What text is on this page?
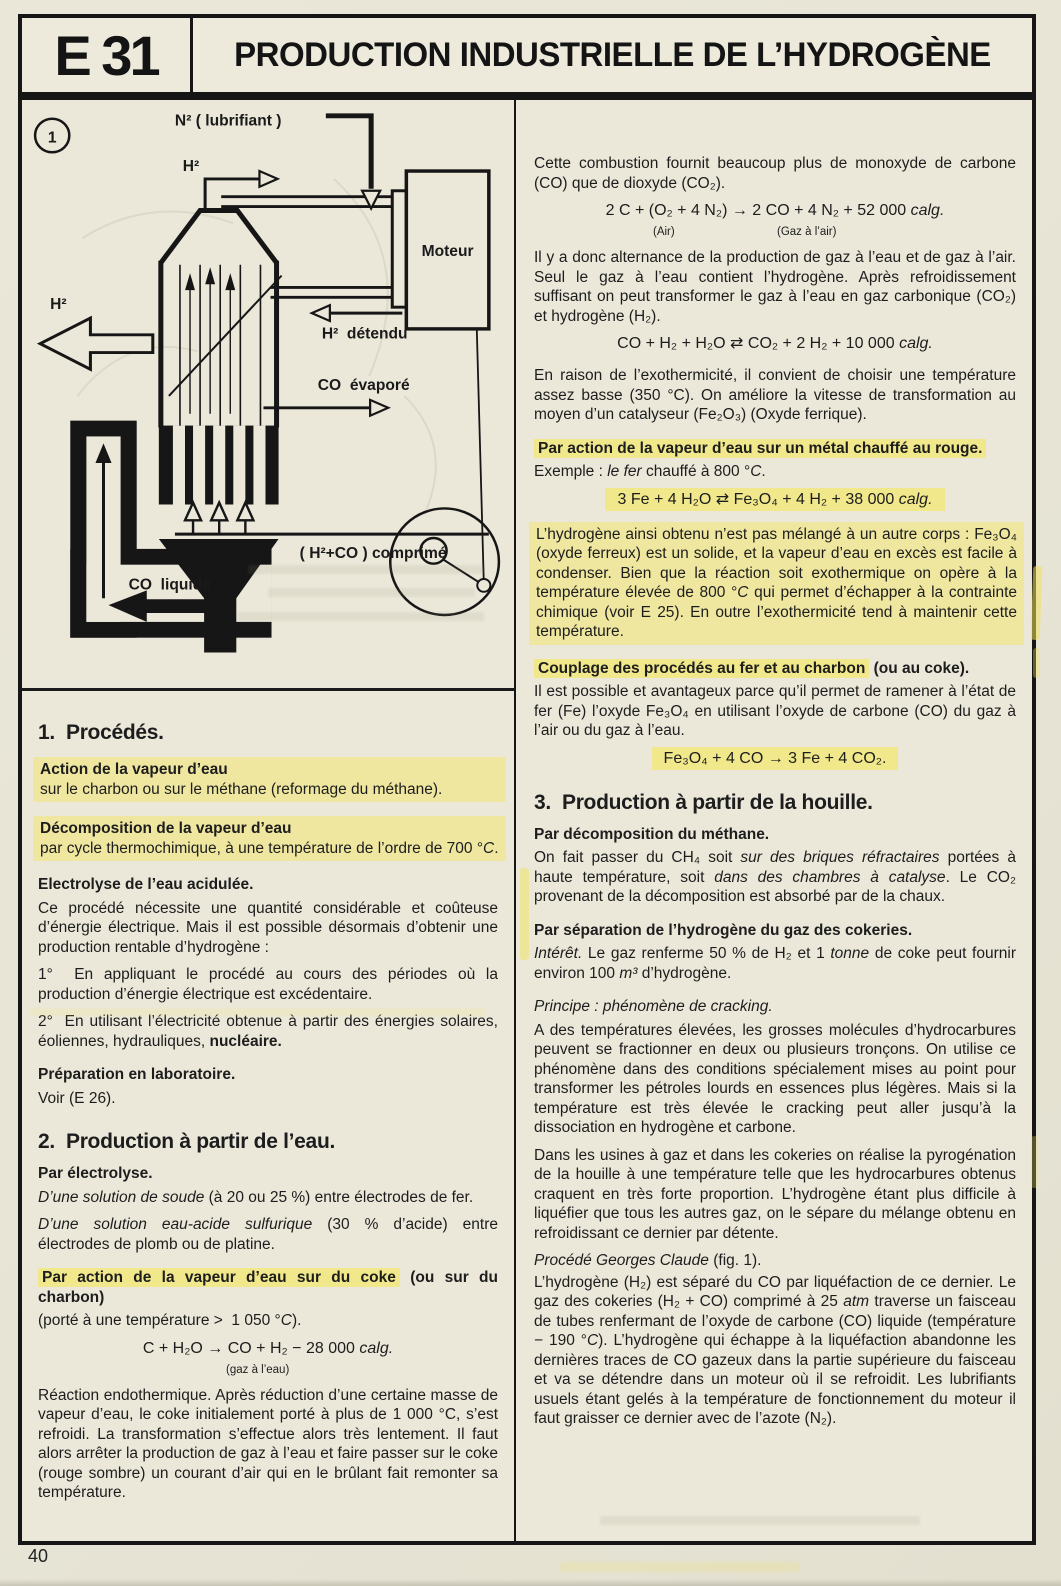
E 31	PRODUCTION INDUSTRIELLE DE L’HYDROGÈNE
1
N² ( lubrifiant )
H²
Moteur
H²
H²  détendu
CO  évaporé
( H²+CO ) comprimé
CO  liquide
1.  Procédés.

Action de la vapeur d’eau

sur le charbon ou sur le méthane (reformage du méthane).

Décomposition de la vapeur d’eau

par cycle thermochimique, à une température de l’ordre de 700 °C.

Electrolyse de l’eau acidulée.

Ce procédé nécessite une quantité considérable et coûteuse d’énergie électrique. Mais il est possible désormais d’obtenir une production rentable d’hydrogène :

1°  En appliquant le procédé au cours des périodes où la production d’énergie électrique est excédentaire.

2°  En utilisant l’électricité obtenue à partir des énergies solaires, éoliennes, hydrauliques, nucléaire.

Préparation en laboratoire.

Voir (E 26).

2.  Production à partir de l’eau.

Par électrolyse.

D’une solution de soude (à 20 ou 25 %) entre électrodes de fer.

D’une solution eau-acide sulfurique (30 % d’acide) entre électrodes de plomb ou de platine.

Par action de la vapeur d’eau sur du coke (ou sur du charbon)

(porté à une température >  1 050 °C).

C + H₂O → CO + H₂ − 28 000 calg.
(gaz à l’eau)

Réaction endothermique. Après réduction d’une certaine masse de vapeur d’eau, le coke initialement porté à plus de 1 000 °C, s’est refroidi. La transformation s’effectue alors très lentement. Il faut alors arrêter la production de gaz à l’eau et faire passer sur le coke (rouge sombre) un courant d’air qui en le brûlant fait remonter sa température.

Cette combustion fournit beaucoup plus de monoxyde de carbone (CO) que de dioxyde (CO₂).

2 C + (O₂ + 4 N₂) → 2 CO + 4 N₂ + 52 000 calg.
(Air)	(Gaz à l’air)

Il y a donc alternance de la production de gaz à l’eau et de gaz à l’air. Seul le gaz à l’eau contient l’hydrogène. Après refroidissement suffisant on peut transformer le gaz à l’eau en gaz carbonique (CO₂) et hydrogène (H₂).

CO + H₂ + H₂O ⇄ CO₂ + 2 H₂ + 10 000 calg.

En raison de l’exothermicité, il convient de choisir une température assez basse (350 °C). On améliore la vitesse de transformation au moyen d’un catalyseur (Fe₂O₃) (Oxyde ferrique).

Par action de la vapeur d’eau sur un métal chauffé au rouge.

Exemple : le fer chauffé à 800 °C.

3 Fe + 4 H₂O ⇄ Fe₃O₄ + 4 H₂ + 38 000 calg.

L’hydrogène ainsi obtenu n’est pas mélangé à un autre corps : Fe₃O₄ (oxyde ferreux) est un solide, et la vapeur d’eau en excès est facile à condenser. Bien que la réaction soit exothermique on opère à la température élevée de 800 °C qui permet d’échapper à la contrainte chimique (voir E 25). En outre l’exothermicité tend à maintenir cette température.

Couplage des procédés au fer et au charbon (ou au coke).

Il est possible et avantageux parce qu’il permet de ramener à l’état de fer (Fe) l’oxyde Fe₃O₄ en utilisant l’oxyde de carbone (CO) du gaz à l’air ou du gaz à l’eau.

Fe₃O₄ + 4 CO → 3 Fe + 4 CO₂.
3.  Production à partir de la houille.

Par décomposition du méthane.

On fait passer du CH₄ soit sur des briques réfractaires portées à haute température, soit dans des chambres à catalyse. Le CO₂ provenant de la décomposition est absorbé par de la chaux.

Par séparation de l’hydrogène du gaz des cokeries.

Intérêt. Le gaz renferme 50 % de H₂ et 1 tonne de coke peut fournir environ 100 m³ d’hydrogène.

Principe : phénomène de cracking.

A des températures élevées, les grosses molécules d’hydrocarbures peuvent se fractionner en deux ou plusieurs tronçons. On utilise ce phénomène dans des conditions spécialement mises au point pour transformer les pétroles lourds en essences plus légères. Mais si la température est très élevée le cracking peut aller jusqu’à la dissociation en hydrogène et carbone.

Dans les usines à gaz et dans les cokeries on réalise la pyrogénation de la houille à une température telle que les hydrocarbures obtenus craquent en très forte proportion. L’hydrogène étant plus difficile à liquéfier que tous les autres gaz, on le sépare du mélange obtenu en refroidissant ce dernier par détente.

Procédé Georges Claude (fig. 1).

L’hydrogène (H₂) est séparé du CO par liquéfaction de ce dernier. Le gaz des cokeries (H₂ + CO) comprimé à 25 atm traverse un faisceau de tubes renfermant de l’oxyde de carbone (CO) liquide (température − 190 °C). L’hydrogène qui échappe à la liquéfaction abandonne les dernières traces de CO gazeux dans la partie supérieure du faisceau et va se détendre dans un moteur où il se refroidit. Les lubrifiants usuels étant gelés à la température de fonctionnement du moteur il faut graisser ce dernier avec de l’azote (N₂).

40
